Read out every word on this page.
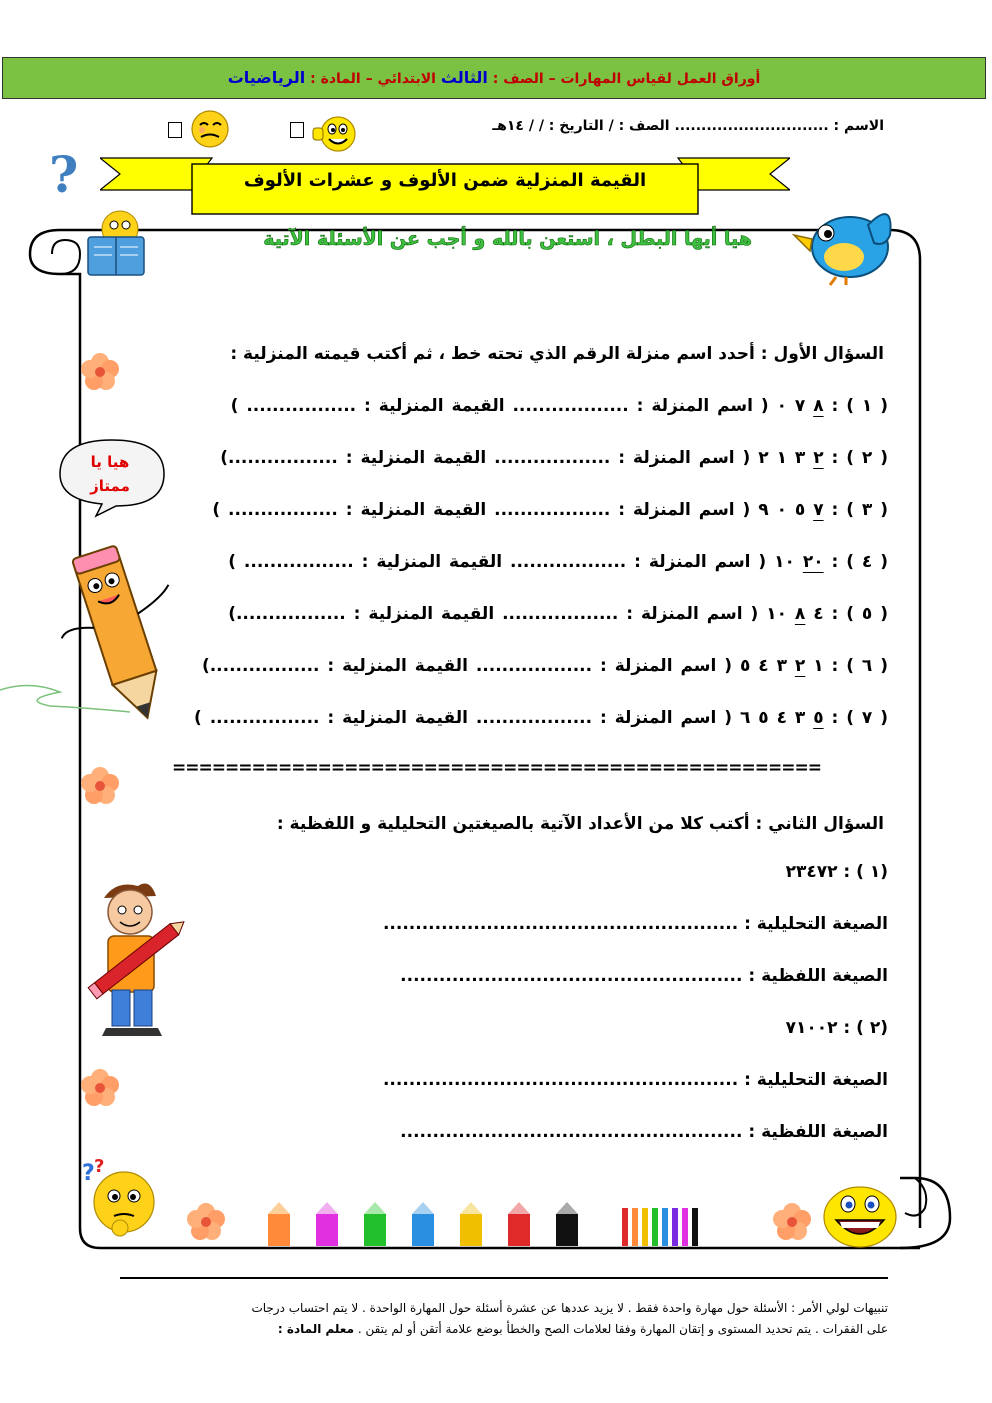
أوراق العمل لقياس المهارات – الصف : الثالث الابتدائي – المادة : الرياضيات
الاسم : ............................. الصف : / التاريخ : / / ١٤هـ
?	القيمة المنزلية ضمن الألوف و عشرات الألوف
هيا أيها البطل ، استعن بالله و أجب عن الأسئلة الآتية
هيا يا
ممتاز
السؤال الأول : أحدد اسم منزلة الرقم الذي تحته خط ، ثم أكتب قيمته المنزلية :
( ١ ) : ٨ ٧ ٠ ( اسم المنزلة : .................. القيمة المنزلية : ................. )
( ٢ ) : ٢ ٣ ١ ٢ ( اسم المنزلة : .................. القيمة المنزلية : .................)
( ٣ ) : ٧ ٥ ٠ ٩ ( اسم المنزلة : .................. القيمة المنزلية : ................. )
( ٤ ) : ٢٠ ١٠ ( اسم المنزلة : .................. القيمة المنزلية : ................. )
( ٥ ) : ٤ ٨ ١٠ ( اسم المنزلة : .................. القيمة المنزلية : .................)
( ٦ ) : ١ ٢ ٣ ٤ ٥ ( اسم المنزلة : .................. القيمة المنزلية : .................)
( ٧ ) : ٥ ٣ ٤ ٥ ٦ ( اسم المنزلة : .................. القيمة المنزلية : ................. )
=================================================
السؤال الثاني : أكتب كلا من الأعداد الآتية بالصيغتين التحليلية و اللفظية :
(١ ) : ٢٣٤٧٢
الصيغة التحليلية : .......................................................
الصيغة اللفظية : .....................................................
(٢ ) : ٧١٠٠٢
الصيغة التحليلية : .......................................................
الصيغة اللفظية : .....................................................
? ?
تنبيهات لولي الأمر : الأسئلة حول مهارة واحدة فقط . لا يزيد عددها عن عشرة أسئلة حول المهارة الواحدة . لا يتم احتساب درجات
على الفقرات . يتم تحديد المستوى و إتقان المهارة وفقا لعلامات الصح والخطأ بوضع علامة أتقن أو لم يتقن . معلم المادة :
